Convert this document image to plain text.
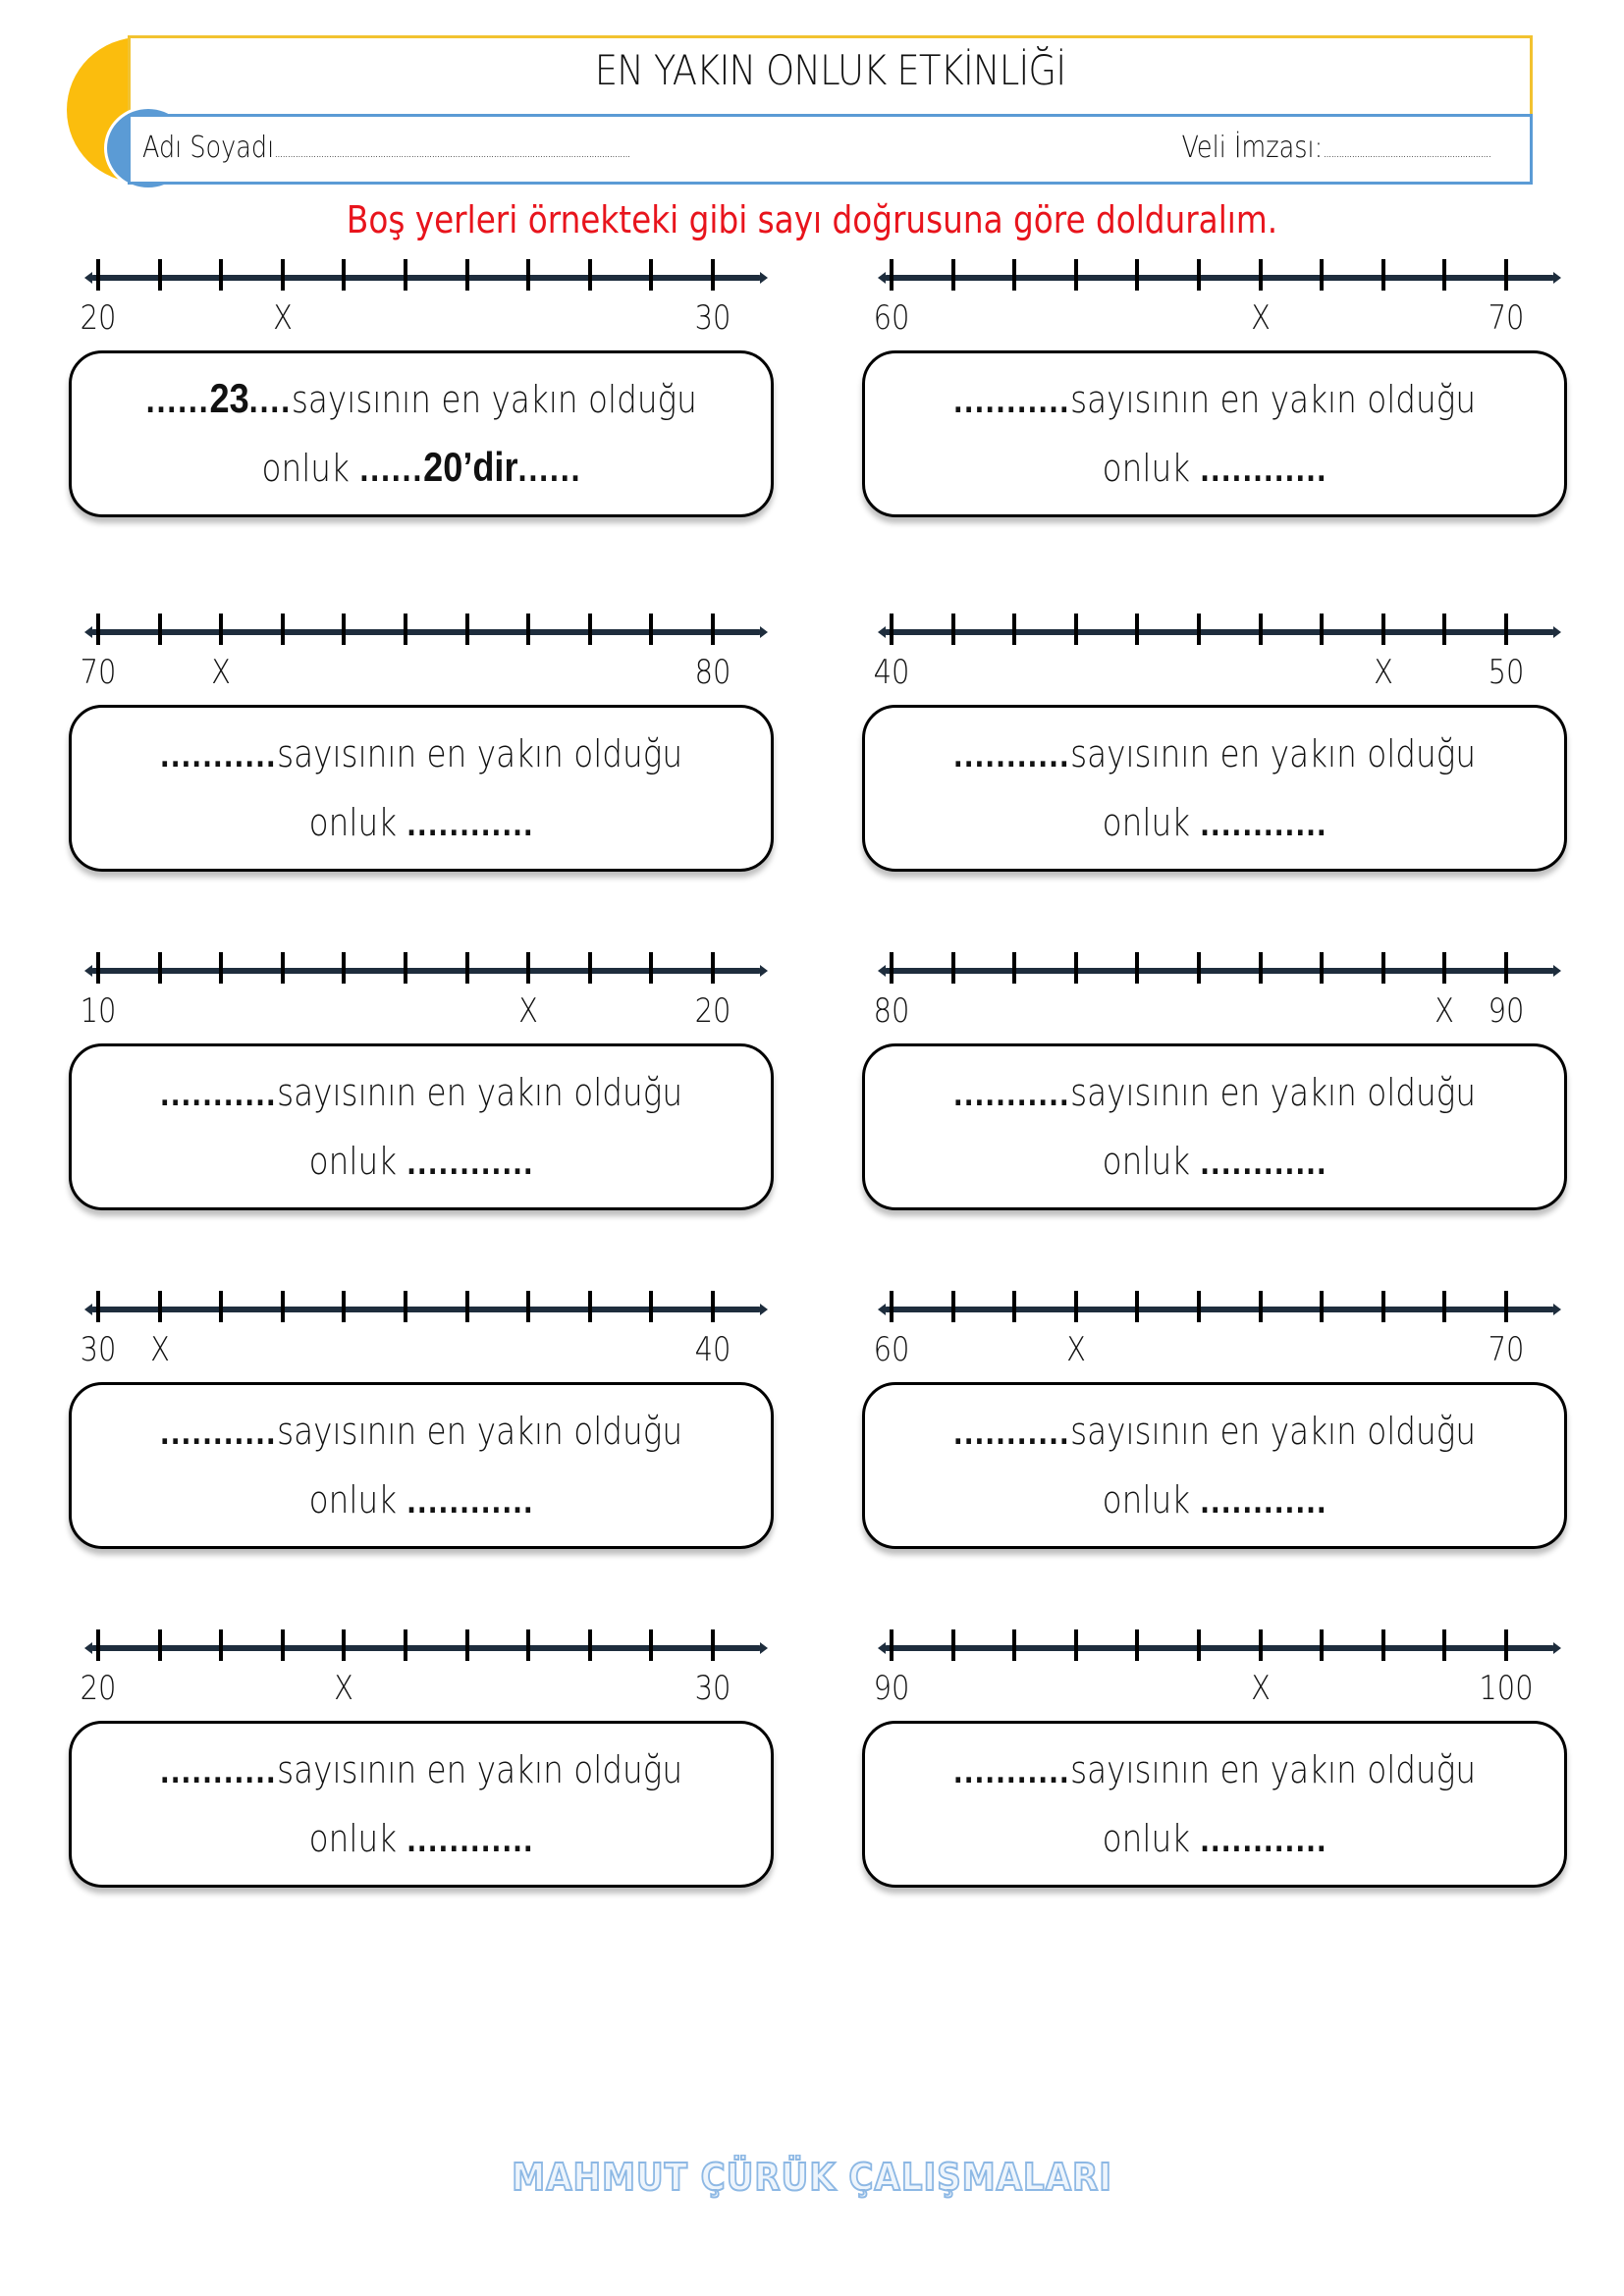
EN YAKIN ONLUK ETKİNLİĞİ
Adı Soyadı..........................................................................................................................................	Veli İmzası:.................................................................
Boş yerleri örnekteki gibi sayı doğrusuna göre dolduralım.
20	X	30
......23....sayısının en yakın olduğu
onluk ......20’dir......
60	X	70
...........sayısının en yakın olduğu
onluk ............
70	X	80
...........sayısının en yakın olduğu
onluk ............
40	X	50
...........sayısının en yakın olduğu
onluk ............
10	X	20
...........sayısının en yakın olduğu
onluk ............
80	X 90
...........sayısının en yakın olduğu
onluk ............
30 X	40
...........sayısının en yakın olduğu
onluk ............
60	X	70
...........sayısının en yakın olduğu
onluk ............
20	X	30
...........sayısının en yakın olduğu
onluk ............
90	X	100
...........sayısının en yakın olduğu
onluk ............
MAHMUT ÇÜRÜK ÇALIŞMALARI
